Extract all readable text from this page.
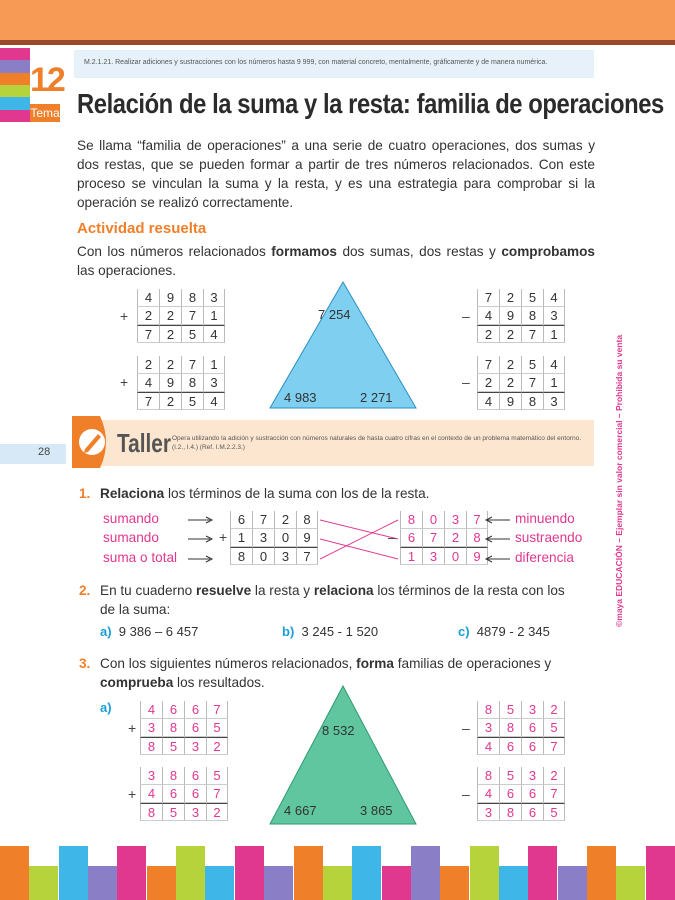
12
Tema
M.2.1.21. Realizar adiciones y sustracciones con los números hasta 9 999, con material concreto, mentalmente, gráficamente y de manera numérica.
Relación de la suma y la resta: familia de operaciones
Se llama “familia de operaciones” a una serie de cuatro operaciones, dos sumas y dos restas, que se pueden formar a partir de tres números relacionados. Con este proceso se vinculan la suma y la resta, y es una estrategia para comprobar si la operación se realizó correctamente.
Actividad resuelta
Con los números relacionados formamos dos sumas, dos restas y comprobamos las operaciones.
+
4	9	8	3
2	2	7	1
7	2	5	4
+
2	2	7	1
4	9	8	3
7	2	5	4
7 254
4 983	2 271
–
7	2	5	4
4	9	8	3
2	2	7	1
–
7	2	5	4
2	2	7	1
4	9	8	3
28	Taller Opera utilizando la adición y sustracción con números naturales de hasta cuatro cifras en el contexto de un problema matemático del entorno. (I.2., I.4.) (Ref. I.M.2.2.3.)
1. Relaciona los términos de la suma con los de la resta.
sumando
sumando
suma o total
+
6	7	2	8
1	3	0	9
8	0	3	7
–
8	0	3	7
6	7	2	8
1	3	0	9
minuendo
sustraendo
diferencia
2. En tu cuaderno resuelve la resta y relaciona los términos de la resta con los de la suma:
a) 9 386 – 6 457	b) 3 245 - 1 520	c) 4879 - 2 345
3. Con los siguientes números relacionados, forma familias de operaciones y comprueba los resultados.
a)
+
4	6	6	7
3	8	6	5
8	5	3	2
+
3	8	6	5
4	6	6	7
8	5	3	2
8 532
4 667	3 865
–
8	5	3	2
3	8	6	5
4	6	6	7
–
8	5	3	2
4	6	6	7
3	8	6	5
©maya EDUCACIÓN – Ejemplar sin valor comercial – Prohibida su venta
